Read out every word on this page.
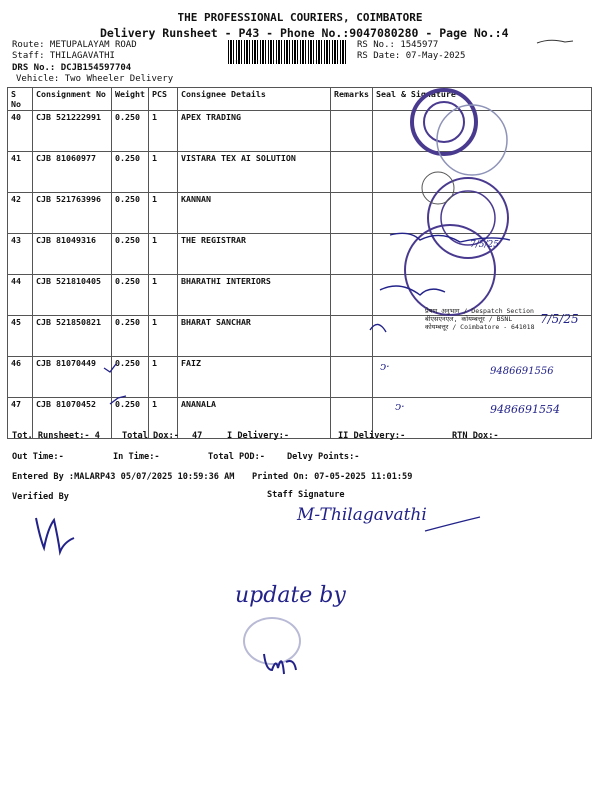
THE PROFESSIONAL COURIERS, COIMBATORE
Delivery Runsheet - P43 - Phone No.:9047080280 - Page No.:4
Route: METUPALAYAM ROAD
Staff: THILAGAVATHI
DRS No.: DCJB154597704
Vehicle: Two Wheeler Delivery
RS No.: 1545977
RS Date: 07-May-2025
S No	Consignment No	Weight	PCS	Consignee Details	Remarks	Seal & Signature
40	CJB 521222991	0.250	1	APEX TRADING		
41	CJB 81060977	0.250	1	VISTARA TEX AI SOLUTION		
42	CJB 521763996	0.250	1	KANNAN		
43	CJB 81049316	0.250	1	THE REGISTRAR		
44	CJB 521810405	0.250	1	BHARATHI INTERIORS		
45	CJB 521850821	0.250	1	BHARAT SANCHAR		
46	CJB 81070449	0.250	1	FAIZ		
47	CJB 81070452	0.250	1	ANANALA		
प्रेषण अनुभाग / Despatch Section
बीएसएनएल, कोयम्बत्तूर / BSNL
कोयम्बत्तूर / Coimbatore - 641018
7/5/25
7/5/25
ↄ·	9486691556
ↄ·	9486691554
Tot. Runsheet:- 4	Total Dox:- 47	I Delivery:-	II Delivery:-	RTN Dox:-
Out Time:-	In Time:-	Total POD:-	Delvy Points:-
Entered By :MALARP43 05/07/2025 10:59:36 AM Printed On: 07-05-2025 11:01:59
Verified By	Staff Signature
M-Thilagavathi
update by
